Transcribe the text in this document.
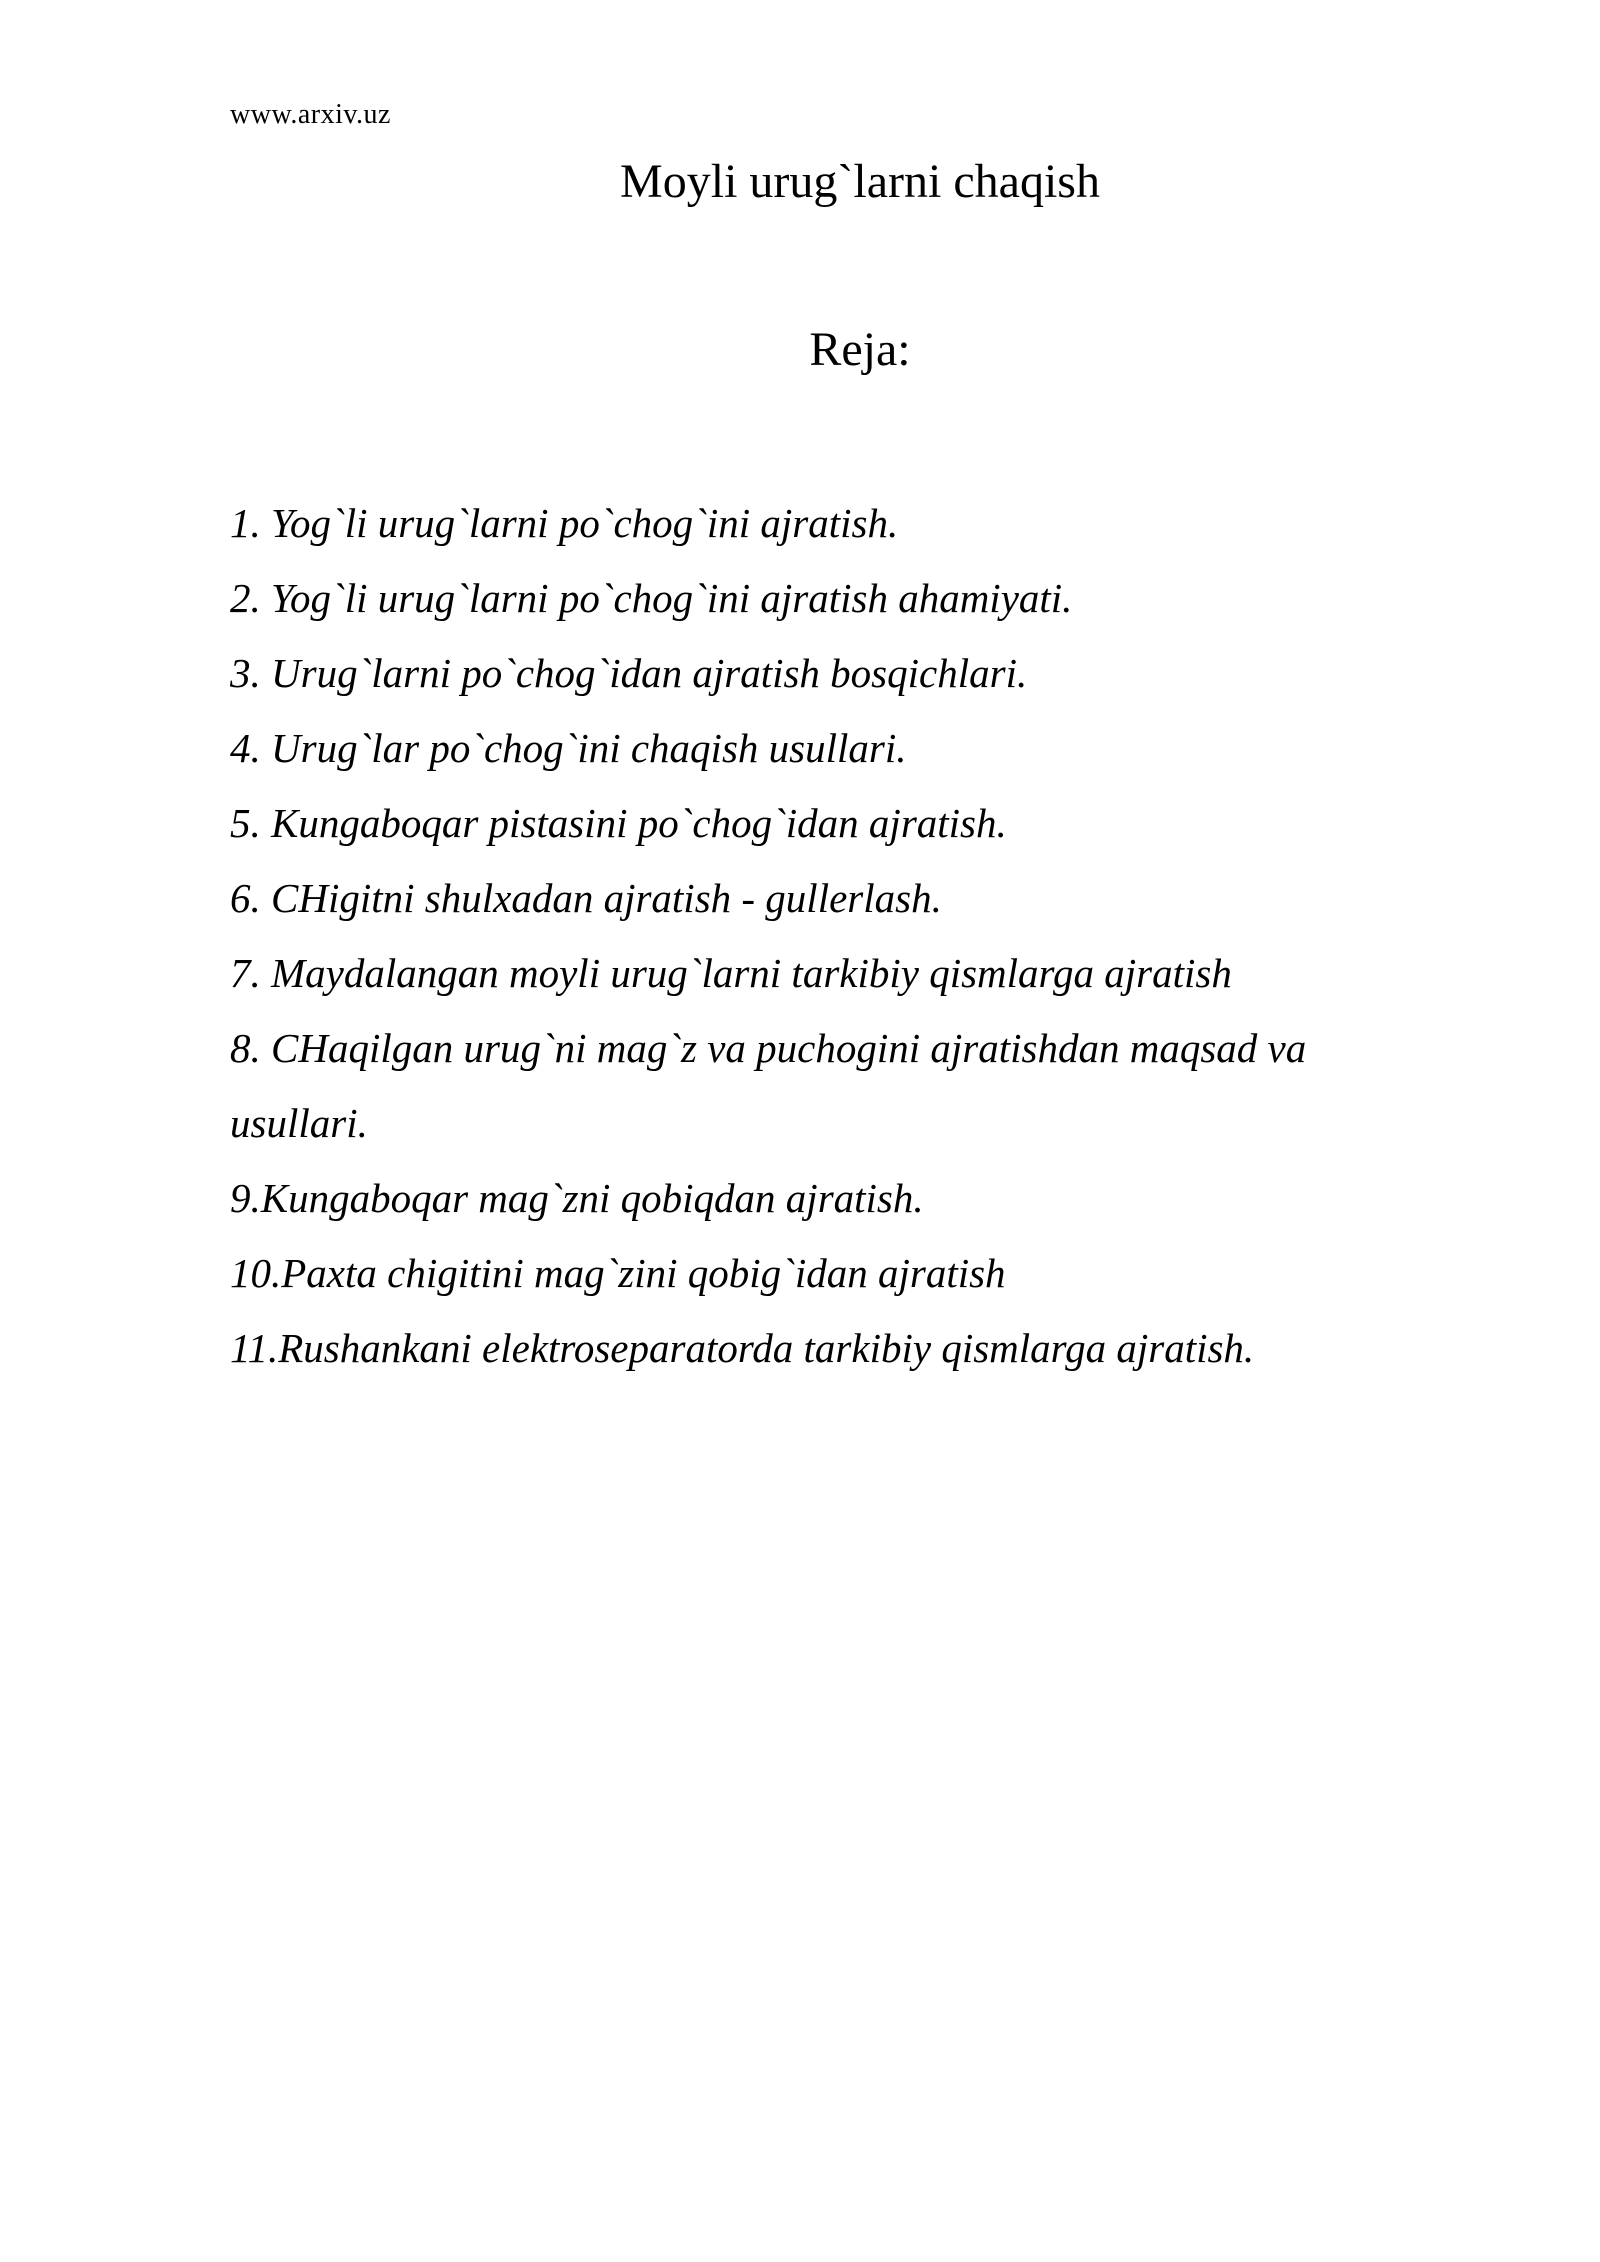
www.arxiv.uz
Moyli urug`larni chaqish
Reja:
1. Yog`li urug`larni po`chog`ini ajratish.
2. Yog`li urug`larni po`chog`ini ajratish ahamiyati.
3. Urug`larni po`chog`idan ajratish bosqichlari.
4. Urug`lar po`chog`ini chaqish usullari.
5. Kungaboqar pistasini po`chog`idan ajratish.
6. CHigitni shulxadan ajratish - gullerlash.
7. Maydalangan moyli urug`larni tarkibiy qismlarga ajratish
8. CHaqilgan urug`ni mag`z va puchogini ajratishdan maqsad va usullari.
9.Kungaboqar mag`zni qobiqdan ajratish.
10.Paxta chigitini mag`zini qobig`idan ajratish
11.Rushankani elektroseparatorda tarkibiy qismlarga ajratish.
